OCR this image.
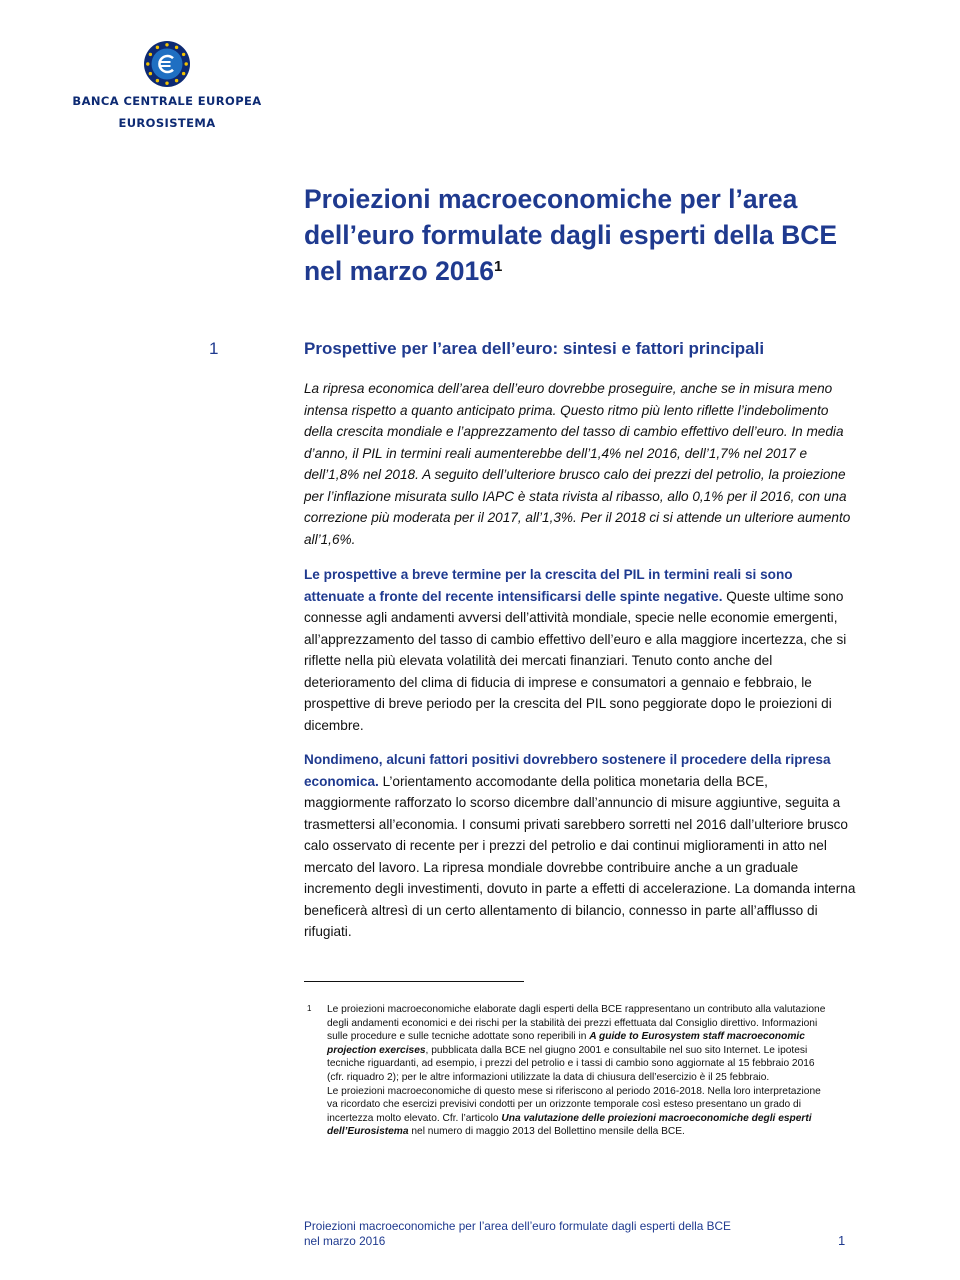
BANCA CENTRALE EUROPEA
EUROSISTEMA
Proiezioni macroeconomiche per l’area dell’euro formulate dagli esperti della BCE nel marzo 2016$^1$
1	Prospettive per l’area dell’euro: sintesi e fattori principali

La ripresa economica dell’area dell’euro dovrebbe proseguire, anche se in misura meno intensa rispetto a quanto anticipato prima. Questo ritmo più lento riflette l’indebolimento della crescita mondiale e l’apprezzamento del tasso di cambio effettivo dell’euro. In media d’anno, il PIL in termini reali aumenterebbe dell’1,4% nel 2016, dell’1,7% nel 2017 e dell’1,8% nel 2018. A seguito dell’ulteriore brusco calo dei prezzi del petrolio, la proiezione per l’inflazione misurata sullo IAPC è stata rivista al ribasso, allo 0,1% per il 2016, con una correzione più moderata per il 2017, all’1,3%. Per il 2018 ci si attende un ulteriore aumento all’1,6%.

Le prospettive a breve termine per la crescita del PIL in termini reali si sono attenuate a fronte del recente intensificarsi delle spinte negative. Queste ultime sono connesse agli andamenti avversi dell’attività mondiale, specie nelle economie emergenti, all’apprezzamento del tasso di cambio effettivo dell’euro e alla maggiore incertezza, che si riflette nella più elevata volatilità dei mercati finanziari. Tenuto conto anche del deterioramento del clima di fiducia di imprese e consumatori a gennaio e febbraio, le prospettive di breve periodo per la crescita del PIL sono peggiorate dopo le proiezioni di dicembre.

Nondimeno, alcuni fattori positivi dovrebbero sostenere il procedere della ripresa economica. L’orientamento accomodante della politica monetaria della BCE, maggiormente rafforzato lo scorso dicembre dall’annuncio di misure aggiuntive, seguita a trasmettersi all’economia. I consumi privati sarebbero sorretti nel 2016 dall’ulteriore brusco calo osservato di recente per i prezzi del petrolio e dai continui miglioramenti in atto nel mercato del lavoro. La ripresa mondiale dovrebbe contribuire anche a un graduale incremento degli investimenti, dovuto in parte a effetti di accelerazione. La domanda interna beneficerà altresì di un certo allentamento di bilancio, connesso in parte all’afflusso di rifugiati.

1 Le proiezioni macroeconomiche elaborate dagli esperti della BCE rappresentano un contributo alla valutazione degli andamenti economici e dei rischi per la stabilità dei prezzi effettuata dal Consiglio direttivo. Informazioni sulle procedure e sulle tecniche adottate sono reperibili in A guide to Eurosystem staff macroeconomic projection exercises, pubblicata dalla BCE nel giugno 2001 e consultabile nel suo sito Internet. Le ipotesi tecniche riguardanti, ad esempio, i prezzi del petrolio e i tassi di cambio sono aggiornate al 15 febbraio 2016 (cfr. riquadro 2); per le altre informazioni utilizzate la data di chiusura dell’esercizio è il 25 febbraio.

Le proiezioni macroeconomiche di questo mese si riferiscono al periodo 2016-2018. Nella loro interpretazione va ricordato che esercizi previsivi condotti per un orizzonte temporale così esteso presentano un grado di incertezza molto elevato. Cfr. l’articolo Una valutazione delle proiezioni macroeconomiche degli esperti dell’Eurosistema nel numero di maggio 2013 del Bollettino mensile della BCE.

Proiezioni macroeconomiche per l’area dell’euro formulate dagli esperti della BCE
nel marzo 2016	1
